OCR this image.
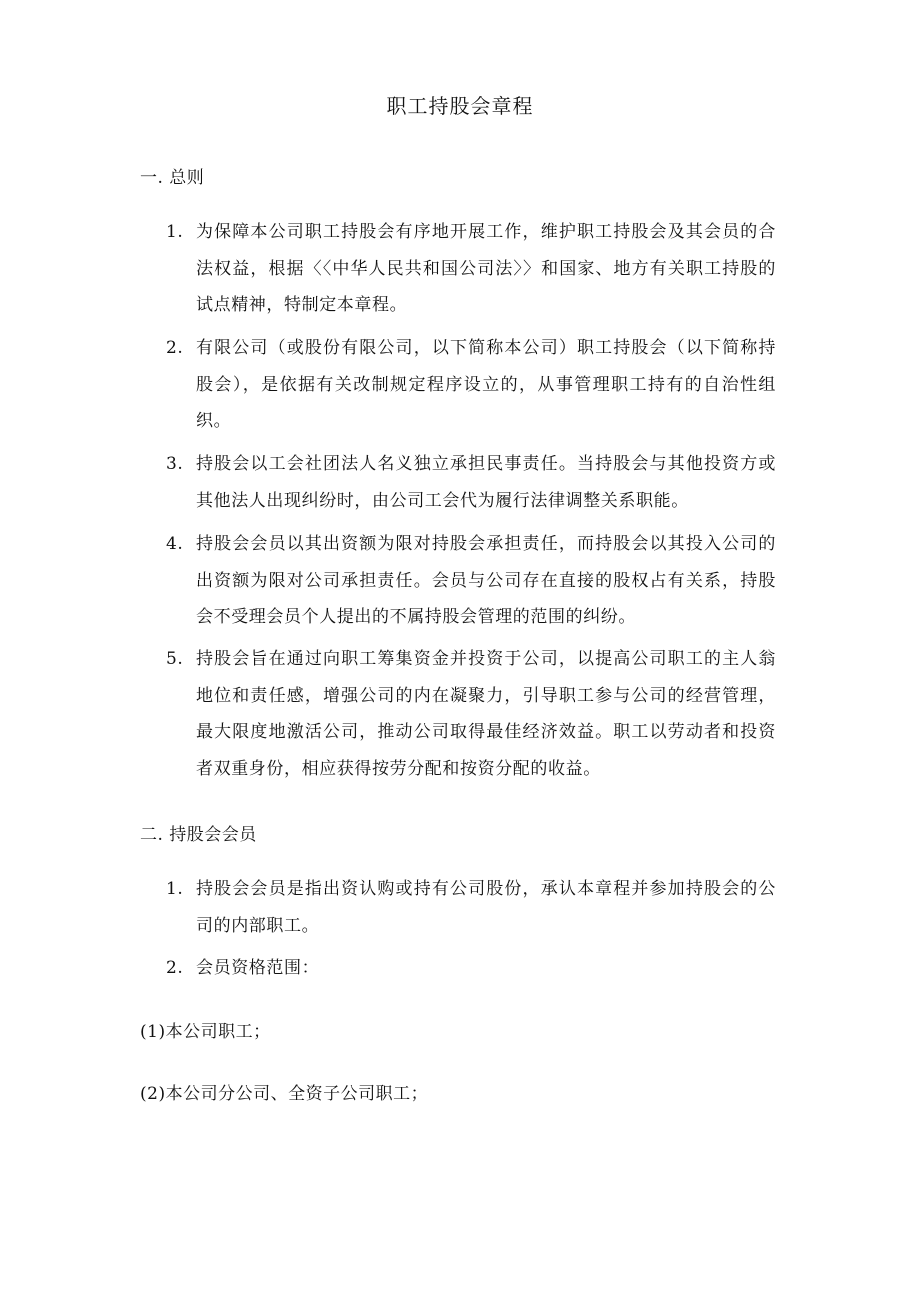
职工持股会章程
一. 总则
1. 为保障本公司职工持股会有序地开展工作，维护职工持股会及其会员的合法权益，根据〈〈中华人民共和国公司法〉〉和国家、地方有关职工持股的试点精神，特制定本章程。
2. 有限公司（或股份有限公司，以下简称本公司）职工持股会（以下简称持股会），是依据有关改制规定程序设立的，从事管理职工持有的自治性组织。
3. 持股会以工会社团法人名义独立承担民事责任。当持股会与其他投资方或其他法人出现纠纷时，由公司工会代为履行法律调整关系职能。
4. 持股会会员以其出资额为限对持股会承担责任，而持股会以其投入公司的出资额为限对公司承担责任。会员与公司存在直接的股权占有关系，持股会不受理会员个人提出的不属持股会管理的范围的纠纷。
5. 持股会旨在通过向职工筹集资金并投资于公司，以提高公司职工的主人翁地位和责任感，增强公司的内在凝聚力，引导职工参与公司的经营管理，最大限度地激活公司，推动公司取得最佳经济效益。职工以劳动者和投资者双重身份，相应获得按劳分配和按资分配的收益。
二. 持股会会员
1. 持股会会员是指出资认购或持有公司股份，承认本章程并参加持股会的公司的内部职工。
2. 会员资格范围：
(1)本公司职工；
(2)本公司分公司、全资子公司职工；
